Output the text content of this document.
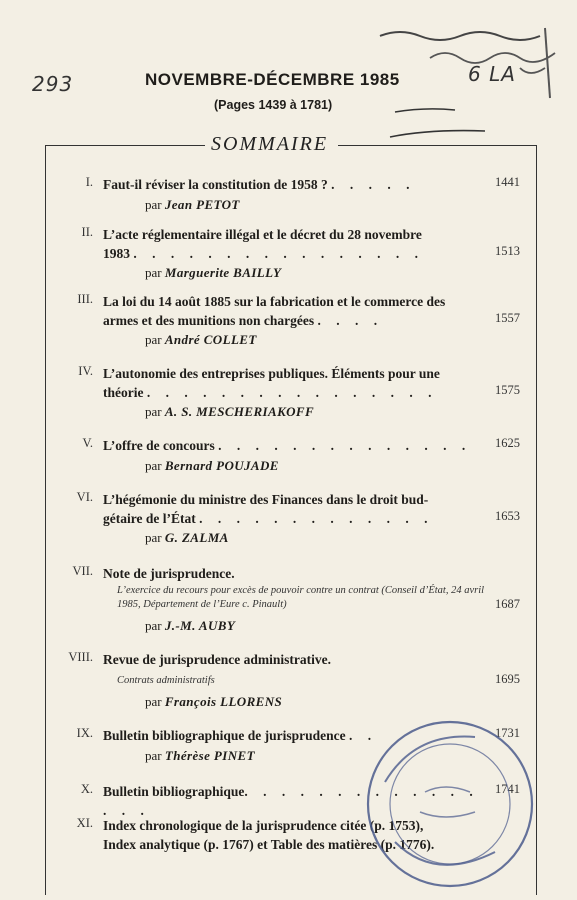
293	NOVEMBRE-DÉCEMBRE 1985
(Pages 1439 à 1781)
6 LA
SOMMAIRE
I. Faut-il réviser la constitution de 1958 ? . . . . .	1441
par Jean PETOT
II. L’acte réglementaire illégal et le décret du 28 novembre
1983 . . . . . . . . . . . . . . . .	1513
par Marguerite BAILLY
III. La loi du 14 août 1885 sur la fabrication et le commerce des
armes et des munitions non chargées . . . .	1557
par André COLLET
IV. L’autonomie des entreprises publiques. Éléments pour une
théorie . . . . . . . . . . . . . . . .	1575
par A. S. MESCHERIAKOFF
V. L’offre de concours . . . . . . . . . . . . . .	1625
par Bernard POUJADE
VI. L’hégémonie du ministre des Finances dans le droit bud-
gétaire de l’État . . . . . . . . . . . . .	1653
par G. ZALMA
VII. Note de jurisprudence.
L’exercice du recours pour excès de pouvoir contre un contrat (Conseil d’État, 24 avril 1985, Département de l’Eure c. Pinault)	1687
par J.-M. AUBY
VIII. Revue de jurisprudence administrative.
Contrats administratifs	1695
par François LLORENS
IX. Bulletin bibliographique de jurisprudence . .	1731
par Thérèse PINET
X. Bulletin bibliographique. . . . . . . . . . . . . . . .
1741
XI. Index chronologique de la jurisprudence citée (p. 1753),
Index analytique (p. 1767) et Table des matières (p. 1776).
